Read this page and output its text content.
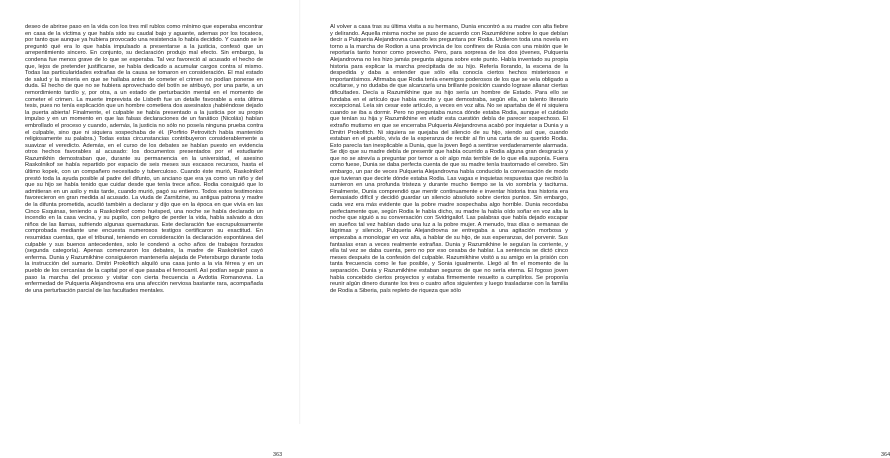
deseo de abrirse paso en la vida con los tres mil rublos como mínimo que esperaba encontrar en casa de la víctima y que había sido su caudal bajo y aguante, ademas por los tocateos, por tanto que aunque ya hubiera provocado una resistencia lo había decidido. Y cuando se le preguntó qué era lo que había impulsado a presentarse a la justicia, confesó que un arrepentimiento sincero. En conjunto, su declaración produjo mal efecto. Sin embargo, la condena fue menos grave de lo que se esperaba. Tal vez favoreció al acusado el hecho de que, lejos de pretender justificarse, se había dedicado a acumular cargos contra sí mismo. Todas las particularidades extrañas de la causa se tomaron en consideración. El mal estado de salud y la miseria en que se hallaba antes de cometer el crimen no podían ponerse en duda. El hecho de que no se hubiera aprovechado del botín se atribuyó, por una parte, a un remordimiento tardío y, por otra, a un estado de perturbación mental en el momento de cometer el crimen. La muerte imprevista de Lisbeth fue un detalle favorable a esta última tesis, pues no tenía explicación que un hombre cometiera dos asesinatos ¡habiéndose dejado la puerta abierta! Finalmente, el culpable se había presentado a la justicia por su propio impulso y en un momento en que las falsas declaraciones de un fanático (Nicolás) habían embrollado el proceso y cuando, además, la justicia no sólo no poseía ninguna prueba contra el culpable, sino que ni siquiera sospechaba de él. (Porfirio Petrovitch había mantenido religiosamente su palabra.) Todas estas circunstancias contribuyeron considerablemente a suavizar el veredicto. Además, en el curso de los debates se habían puesto en evidencia otros hechos favorables al acusado: los documentos presentados por el estudiante Razumikhin demostraban que, durante su permanencia en la universidad, el asesino Raskolnikof se había repartido por espacio de seis meses sus escasos recursos, hasta el último kopek, con un compañero necesitado y tuberculoso. Cuando éste murió, Raskolnikof prestó toda la ayuda posible al padre del difunto, un anciano que era ya como un niño y del que su hijo se había tenido que cuidar desde que tenía trece años. Rodia consiguió que lo admitieran en un asilo y más tarde, cuando murió, pagó su entierro. Todos estos testimonios favorecieron en gran medida al acusado. La viuda de Zarnitzine, su antigua patrona y madre de la difunta prometida, acudió también a declarar y dijo que en la época en que vivía en las Cinco Esquinas, teniendo a Raskolnikof como huésped, una noche se había declarado un incendio en la casa vecina, y su pupilo, con peligro de perder la vida, había salvado a dos niños de las llamas, sufriendo algunas quemaduras. Este declaración fue escrupulosamente comprobada mediante une encuesta numerosos testigos certificaron su exactitud. En resumidas cuentas, que el tribunal, teniendo en consideración la declaración espontánea del culpable y sus buenos antecedentes, solo le condenó a ocho años de trabajos forzados (segunda categoría). Apenas comenzaron los debates, la madre de Raskolnikof cayó enferma. Dunia y Razumikhine consiguieron mantenerla alejada de Petersburgo durante toda la instrucción del sumario. Dmitri Prokofitch alquiló una casa junto a la vía férrea y en un pueblo de los cercanías de la capital por el que pasaba el ferrocarril. Así podían seguir paso a paso la marcha del proceso y visitar con cierta frecuencia a Avdotia Romanovna. La enfermedad de Pulqueria Alejandrovna era una afección nerviosa bastante rara, acompañada de una perturbación parcial de las facultades mentales.

363

Al volver a casa tras su última visita a su hermano, Dunia encontró a su madre con alta fiebre y delirando. Aquella misma noche se puso de acuerdo con Razumikhine sobre lo que debían decir a Pulqueria Alejandrovna cuando les preguntara por Rodia. Urdieron toda una novela en torno a la marcha de Rodion a una provincia de los confines de Rusia con una misión que le reportaría tanto honor como provecho. Pero, para sorpresa de los dos jóvenes, Pulqueria Alejandrovna no les hizo jamás pregunta alguna sobre este punto. Había inventado su propia historia para explicar la marcha precipitada de su hijo. Refería llorando, la escena de la despedida y daba a entender que sólo ella conocía ciertos hechos misteriosos e importantísimos. Afirmaba que Rodia tenía enemigos poderosos de los que se veía obligado a ocultarse, y no dudaba de que alcanzaría una brillante posición cuando lograse allanar ciertas dificultades. Decía a Razumikhine que su hijo sería un hombre de Estado. Para ello se fundaba en el artículo que había escrito y que demostraba, según ella, un talento literario excepcional. Leía sin cesar este artículo, a veces en voz alta. No se apartaba de él ni siquiera cuando se iba a dormir. Pero no preguntaba nunca dónde estaba Rodia, aunque el cuidado que tenían su hija y Razumikhine en eludir esta cuestión debía de parecer sospechoso. El extraño mutismo en que se encerraba Pulqueria Alejandrovna acabó por inquietar a Dunia y a Dmitri Prokofitch. Ni siquiera se quejaba del silencio de su hijo, siendo así que, cuando estaban en el pueblo, vivía de la esperanza de recibir al fin una carta de su querido Rodia. Esto parecía tan inexplicable a Dunia, que la joven llegó a sentirse verdaderamente alarmada. Se dijo que su madre debía de presentir que había ocurrido a Rodia alguna gran desgracia y que no se atrevía a preguntar por temor a oír algo más terrible de lo que ella suponía. Fuera como fuese, Dunia se daba perfecta cuenta de que su madre tenía trastornado el cerebro. Sin embargo, un par de veces Pulqueria Alejandrovna había conducido la conversación de modo que tuvieran que decirle dónde estaba Rodia. Las vagas e inquietas respuestas que recibió la sumieron en una profunda tristeza y durante mucho tiempo se la vio sombría y taciturna. Finalmente, Dunia comprendió que mentir continuamente e inventar historia tras historia era demasiado difícil y decidió guardar un silencio absoluto sobre ciertos puntos. Sin embargo, cada vez era más evidente que la pobre madre sospechaba algo horrible. Dunia recordaba perfectamente que, según Rodia le había dicho, su madre la había oído soñar en voz alta la noche que siguió a su conversación con Svidrigailof. Las palabras que había dejado escapar en sueños tal vez habían dado una luz a la pobre mujer. A menudo, tras días o semanas de lágrimas y silencio, Pulqueria Alejandrovna se entregaba a una agitación morbosa y empezaba a monologar en voz alta, a hablar de su hijo, de sus esperanzas, del porvenir. Sus fantasías eran a veces realmente extrañas. Dunia y Razumikhine le seguían la corriente, y ella tal vez se daba cuenta, pero no por eso cesaba de hablar. La sentencia se dictó cinco meses después de la confesión del culpable. Razumikhine visitó a su amigo en la prisión con tanta frecuencia como le fue posible, y Sonia igualmente. Llegó al fin el momento de la separación. Dunia y Razumikhine estaban seguros de que no sería eterna. El fogoso joven había concebido ciertos proyectos y estaba firmemente resuelto a cumplirlos. Se proponía reunir algún dinero durante los tres o cuatro años siguientes y luego trasladarse con la familia de Rodia a Siberia, país repleto de riqueza que sólo

364
